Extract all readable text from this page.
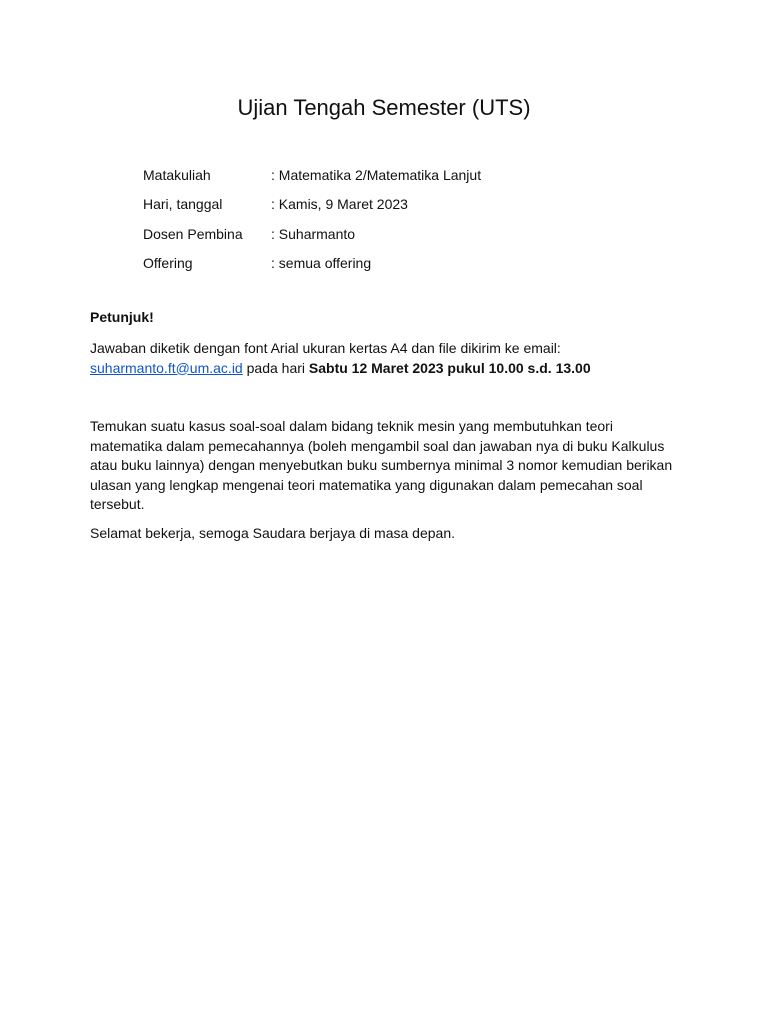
Ujian Tengah Semester (UTS)
Matakuliah	: Matematika 2/Matematika Lanjut
Hari, tanggal	: Kamis, 9 Maret 2023
Dosen Pembina	: Suharmanto
Offering	: semua offering

Petunjuk!

Jawaban diketik dengan font Arial ukuran kertas A4 dan file dikirim ke email:
suharmanto.ft@um.ac.id pada hari Sabtu 12 Maret 2023 pukul 10.00 s.d. 13.00

Temukan suatu kasus soal-soal dalam bidang teknik mesin yang membutuhkan teori matematika dalam pemecahannya (boleh mengambil soal dan jawaban nya di buku Kalkulus atau buku lainnya) dengan menyebutkan buku sumbernya minimal 3 nomor kemudian berikan ulasan yang lengkap mengenai teori matematika yang digunakan dalam pemecahan soal tersebut.

Selamat bekerja, semoga Saudara berjaya di masa depan.
